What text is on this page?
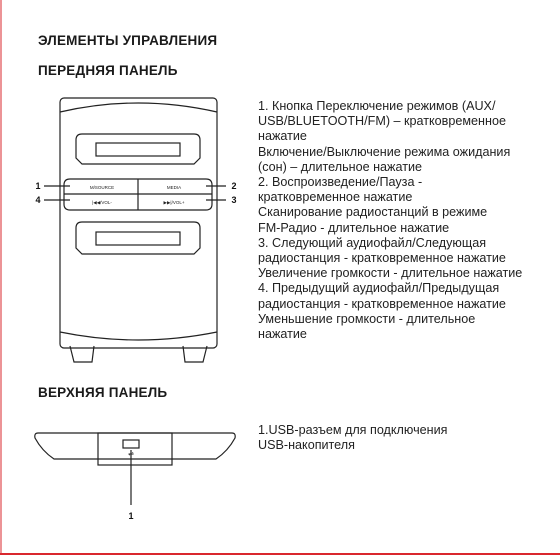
ЭЛЕМЕНТЫ УПРАВЛЕНИЯ
ПЕРЕДНЯЯ ПАНЕЛЬ
M/SOURCE	MEDIA
|◀◀/VOL-	▶▶|/VOL+
1
4
2
3
1. Кнопка Переключение режимов (AUX/
USB/BLUETOOTH/FM) – кратковременное
нажатие
Включение/Выключение режима ожидания
(сон) – длительное нажатие
2. Воспроизведение/Пауза -
кратковременное нажатие
Сканирование радиостанций в режиме
FM-Радио - длительное нажатие
3. Следующий аудиофайл/Следующая
радиостанция - кратковременное нажатие
Увеличение громкости - длительное нажатие
4. Предыдущий аудиофайл/Предыдущая
радиостанция - кратковременное нажатие
Уменьшение громкости - длительное
нажатие
ВЕРХНЯЯ ПАНЕЛЬ
⇌
1
1.USB-разъем для подключения
USB-накопителя
